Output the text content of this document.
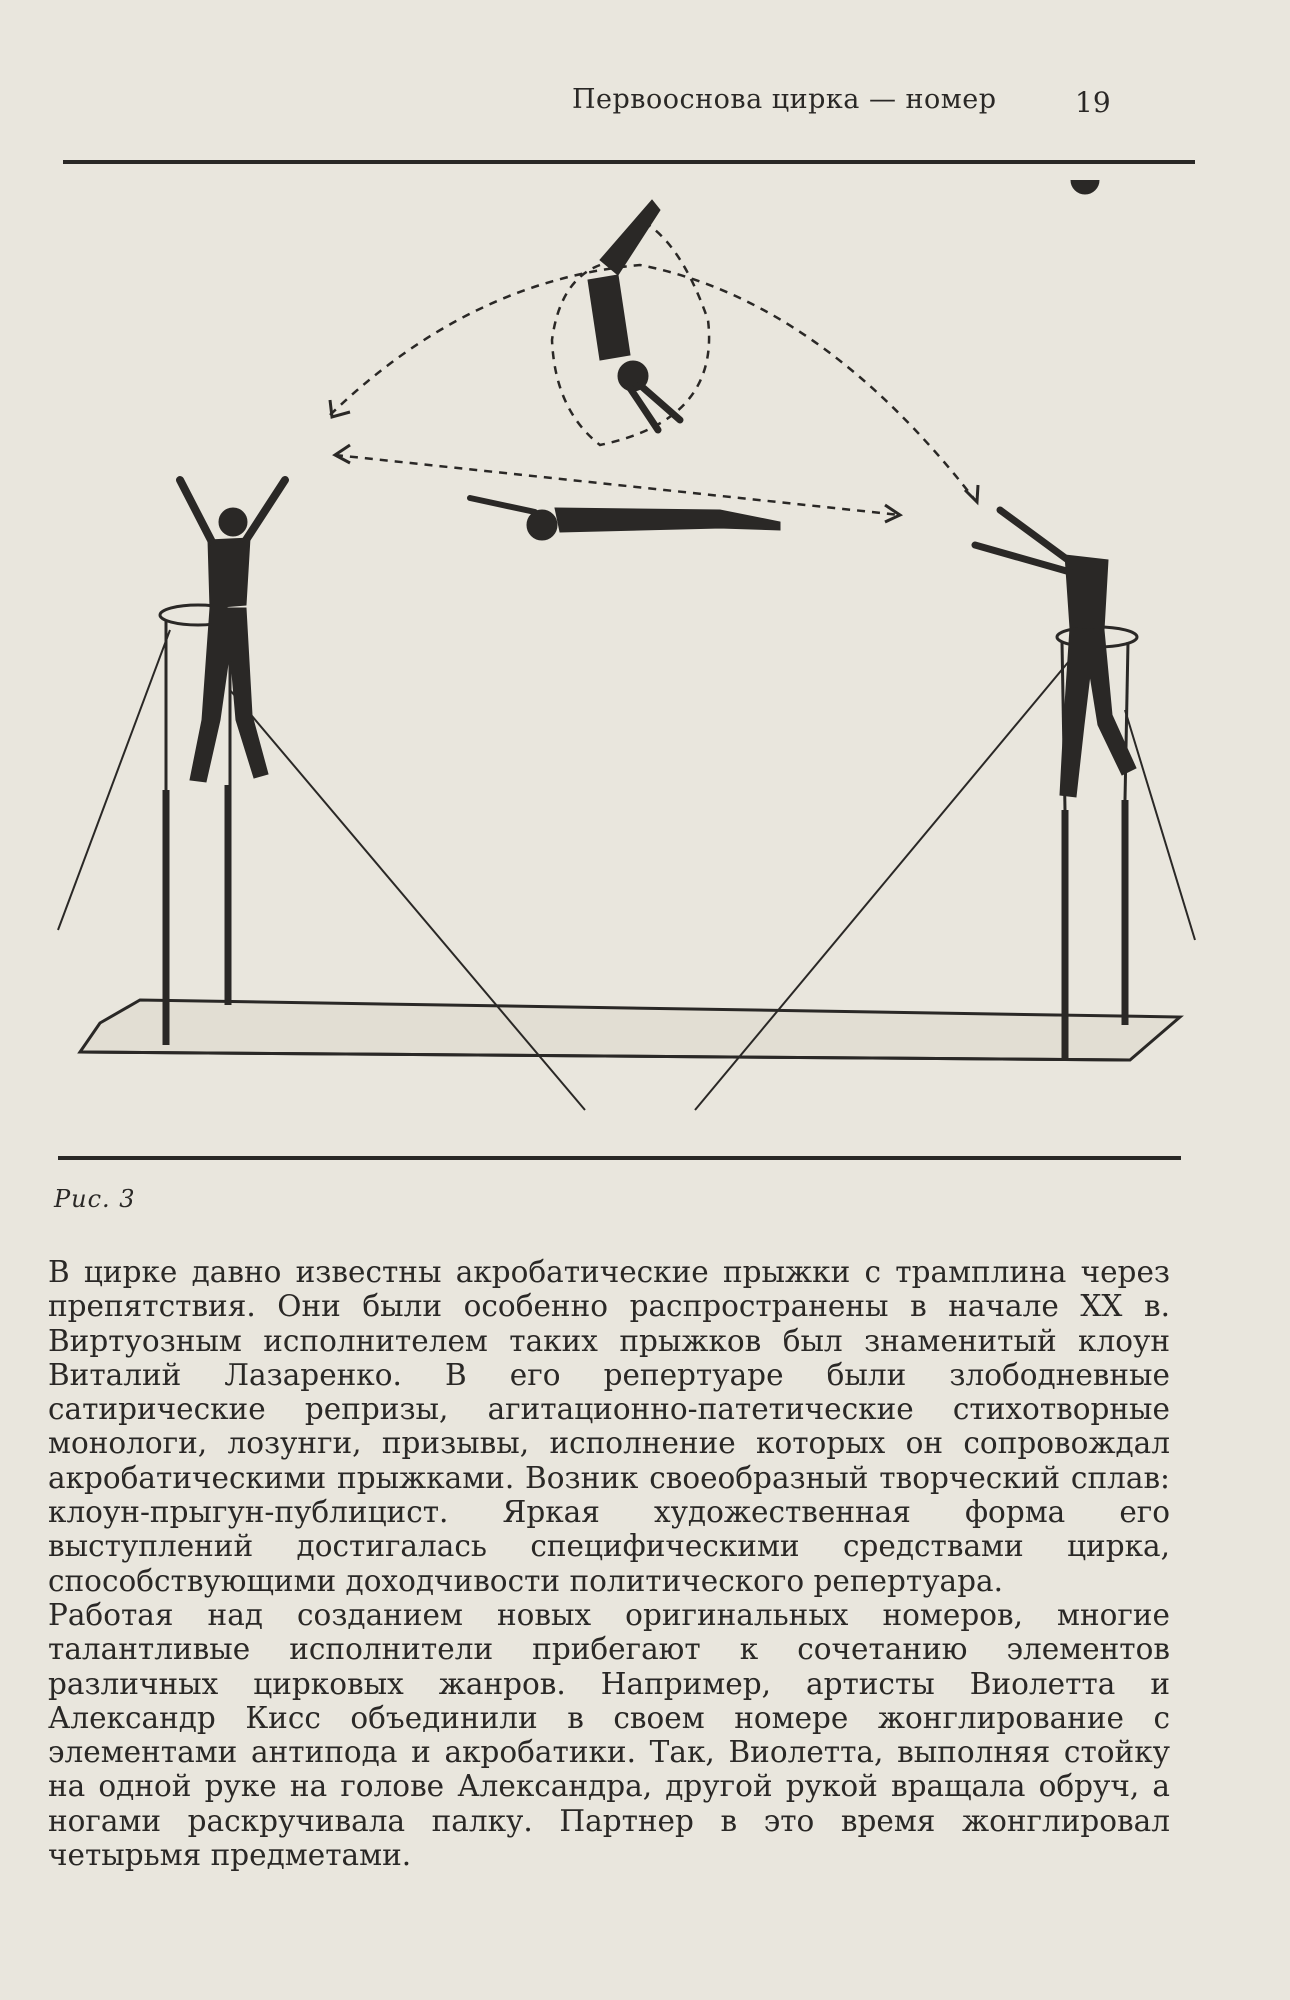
Первооснова цирка — номер	19
Рис. 3

В цирке давно известны акробатические прыжки с трамплина через препятствия. Они были особенно распространены в начале XX в. Виртуозным исполнителем таких прыжков был знаменитый клоун Виталий Лазаренко. В его репертуаре были злободневные сатирические репризы, агитационно-патетические стихотворные монологи, лозунги, призывы, исполнение которых он сопровождал акробатическими прыжками. Возник своеобразный творческий сплав: клоун-прыгун-публицист. Яркая художественная форма его выступлений достигалась специфическими средствами цирка, способствующими доходчивости политического репертуара.

Работая над созданием новых оригинальных номеров, многие талантливые исполнители прибегают к сочетанию элементов различных цирковых жанров. Например, артисты Виолетта и Александр Кисс объединили в своем номере жонглирование с элементами антипода и акробатики. Так, Виолетта, выполняя стойку на одной руке на голове Александра, другой рукой вращала обруч, а ногами раскручивала палку. Партнер в это время жонглировал четырьмя предметами.
